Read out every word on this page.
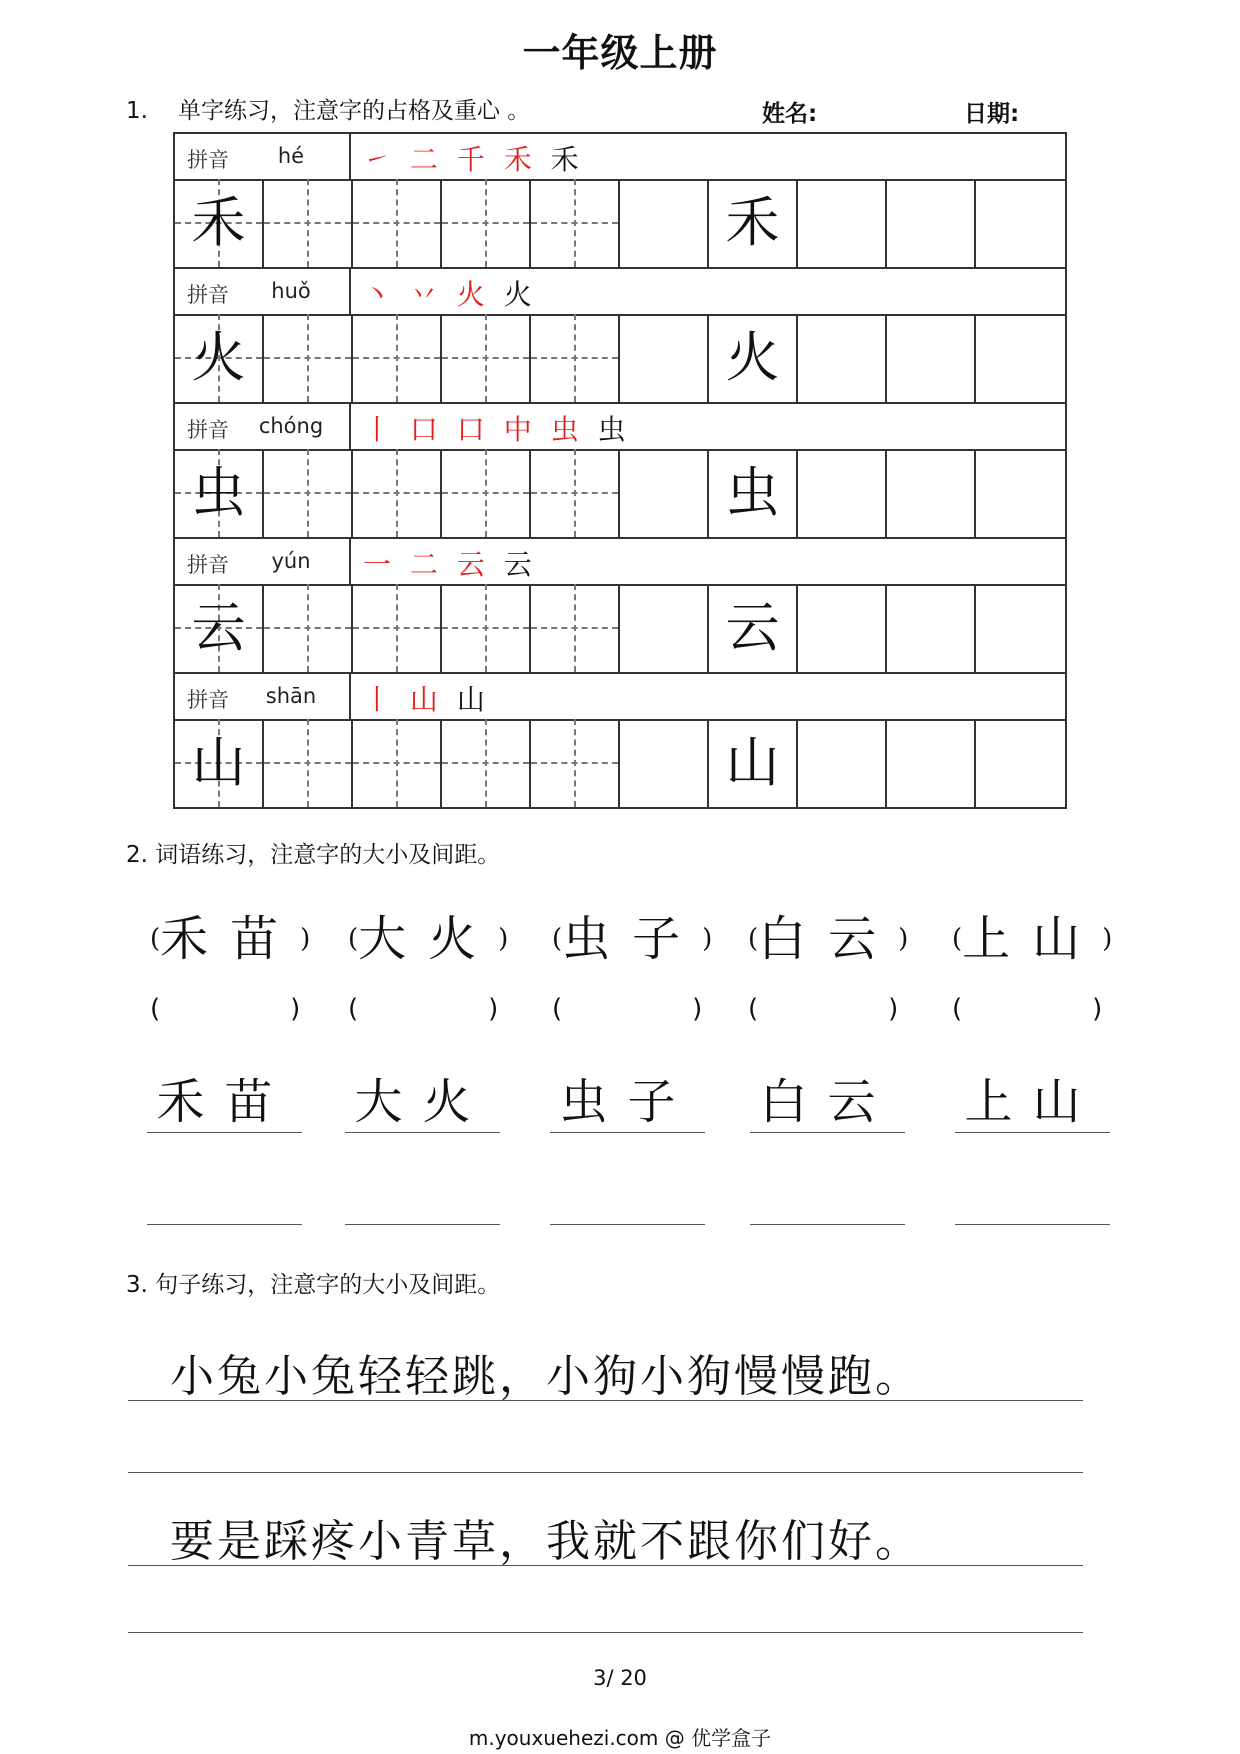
一年级上册
1. 单字练习，注意字的占格及重心 。	姓名:	日期:
拼音	hé	㇀ 二 千 禾 禾
禾	禾
拼音	huǒ	丶 丷 火 火
火	火
拼音	chóng	丨 口 口 中 虫 虫
虫	虫
拼音	yún	一 二 云 云
云	云
拼音	shān	丨 山 山
山	山
2. 词语练习，注意字的大小及间距。
(禾苗) (大火) (虫子) (白云) (上山)
(	) (	) (	) (	) (	)
禾苗 大火 虫子 白云 上山
3. 句子练习，注意字的大小及间距。
小兔小兔轻轻跳，小狗小狗慢慢跑。
要是踩疼小青草，我就不跟你们好。
3/ 20
m.youxuehezi.com @ 优学盒子
